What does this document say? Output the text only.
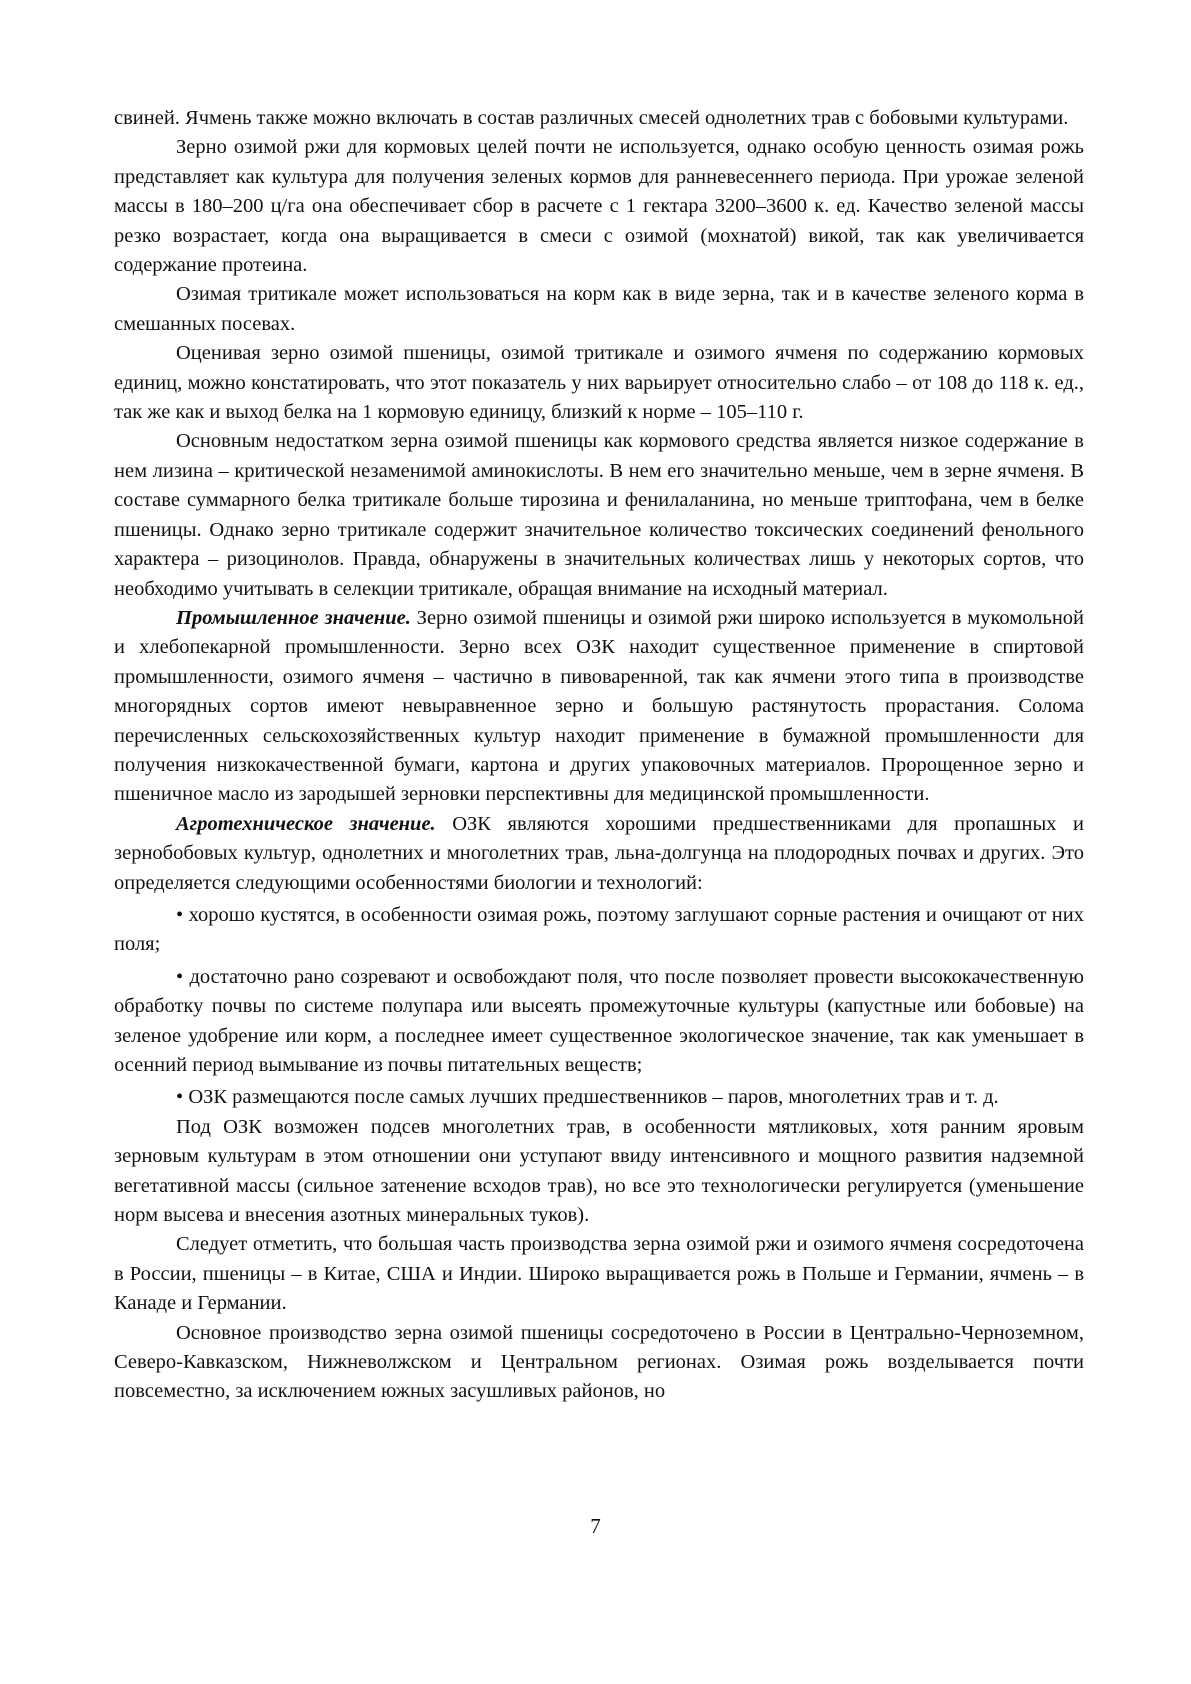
свиней. Ячмень также можно включать в состав различных смесей однолетних трав с бобовыми культурами.

Зерно озимой ржи для кормовых целей почти не используется, однако особую ценность озимая рожь представляет как культура для получения зеленых кормов для ранневесеннего периода. При урожае зеленой массы в 180–200 ц/га она обеспечивает сбор в расчете с 1 гектара 3200–3600 к. ед. Качество зеленой массы резко возрастает, когда она выращивается в смеси с озимой (мохнатой) викой, так как увеличивается содержание протеина.

Озимая тритикале может использоваться на корм как в виде зерна, так и в качестве зеленого корма в смешанных посевах.

Оценивая зерно озимой пшеницы, озимой тритикале и озимого ячменя по содержанию кормовых единиц, можно констатировать, что этот показатель у них варьирует относительно слабо – от 108 до 118 к. ед., так же как и выход белка на 1 кормовую единицу, близкий к норме – 105–110 г.

Основным недостатком зерна озимой пшеницы как кормового средства является низкое содержание в нем лизина – критической незаменимой аминокислоты. В нем его значительно меньше, чем в зерне ячменя. В составе суммарного белка тритикале больше тирозина и фенилаланина, но меньше триптофана, чем в белке пшеницы. Однако зерно тритикале содержит значительное количество токсических соединений фенольного характера – ризоцинолов. Правда, обнаружены в значительных количествах лишь у некоторых сортов, что необходимо учитывать в селекции тритикале, обращая внимание на исходный материал.

Промышленное значение. Зерно озимой пшеницы и озимой ржи широко используется в мукомольной и хлебопекарной промышленности. Зерно всех ОЗК находит существенное применение в спиртовой промышленности, озимого ячменя – частично в пивоваренной, так как ячмени этого типа в производстве многорядных сортов имеют невыравненное зерно и большую растянутость прорастания. Солома перечисленных сельскохозяйственных культур находит применение в бумажной промышленности для получения низкокачественной бумаги, картона и других упаковочных материалов. Пророщенное зерно и пшеничное масло из зародышей зерновки перспективны для медицинской промышленности.

Агротехническое значение. ОЗК являются хорошими предшественниками для пропашных и зернобобовых культур, однолетних и многолетних трав, льна-долгунца на плодородных почвах и других. Это определяется следующими особенностями биологии и технологий:

• хорошо кустятся, в особенности озимая рожь, поэтому заглушают сорные растения и очищают от них поля;

• достаточно рано созревают и освобождают поля, что после позволяет провести высококачественную обработку почвы по системе полупара или высеять промежуточные культуры (капустные или бобовые) на зеленое удобрение или корм, а последнее имеет существенное экологическое значение, так как уменьшает в осенний период вымывание из почвы питательных веществ;

• ОЗК размещаются после самых лучших предшественников – паров, многолетних трав и т. д.

Под ОЗК возможен подсев многолетних трав, в особенности мятликовых, хотя ранним яровым зерновым культурам в этом отношении они уступают ввиду интенсивного и мощного развития надземной вегетативной массы (сильное затенение всходов трав), но все это технологически регулируется (уменьшение норм высева и внесения азотных минеральных туков).

Следует отметить, что большая часть производства зерна озимой ржи и озимого ячменя сосредоточена в России, пшеницы – в Китае, США и Индии. Широко выращивается рожь в Польше и Германии, ячмень – в Канаде и Германии.

Основное производство зерна озимой пшеницы сосредоточено в России в Центрально-Черноземном, Северо-Кавказском, Нижневолжском и Центральном регионах. Озимая рожь возделывается почти повсеместно, за исключением южных засушливых районов, но

7
